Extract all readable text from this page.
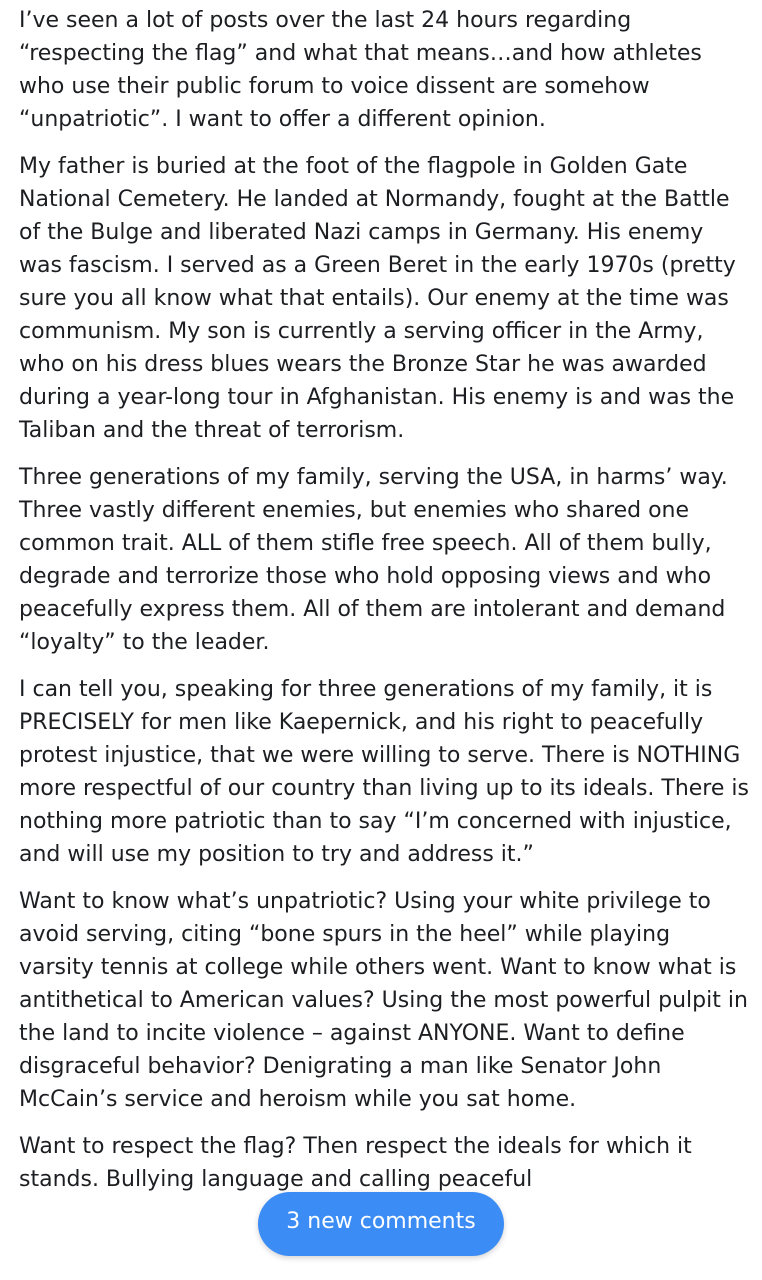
I’ve seen a lot of posts over the last 24 hours regarding “respecting the flag” and what that means…and how athletes who use their public forum to voice dissent are somehow “unpatriotic”. I want to offer a different opinion.

My father is buried at the foot of the flagpole in Golden Gate National Cemetery. He landed at Normandy, fought at the Battle of the Bulge and liberated Nazi camps in Germany. His enemy was fascism. I served as a Green Beret in the early 1970s (pretty sure you all know what that entails). Our enemy at the time was communism. My son is currently a serving officer in the Army, who on his dress blues wears the Bronze Star he was awarded during a year-long tour in Afghanistan. His enemy is and was the Taliban and the threat of terrorism.

Three generations of my family, serving the USA, in harms’ way. Three vastly different enemies, but enemies who shared one common trait. ALL of them stifle free speech. All of them bully, degrade and terrorize those who hold opposing views and who peacefully express them. All of them are intolerant and demand “loyalty” to the leader.

I can tell you, speaking for three generations of my family, it is PRECISELY for men like Kaepernick, and his right to peacefully protest injustice, that we were willing to serve. There is NOTHING more respectful of our country than living up to its ideals. There is nothing more patriotic than to say “I’m concerned with injustice, and will use my position to try and address it.”

Want to know what’s unpatriotic? Using your white privilege to avoid serving, citing “bone spurs in the heel” while playing varsity tennis at college while others went. Want to know what is antithetical to American values? Using the most powerful pulpit in the land to incite violence – against ANYONE. Want to define disgraceful behavior? Denigrating a man like Senator John McCain’s service and heroism while you sat home.

Want to respect the flag? Then respect the ideals for which it stands. Bullying language and calling peaceful

3 new comments
